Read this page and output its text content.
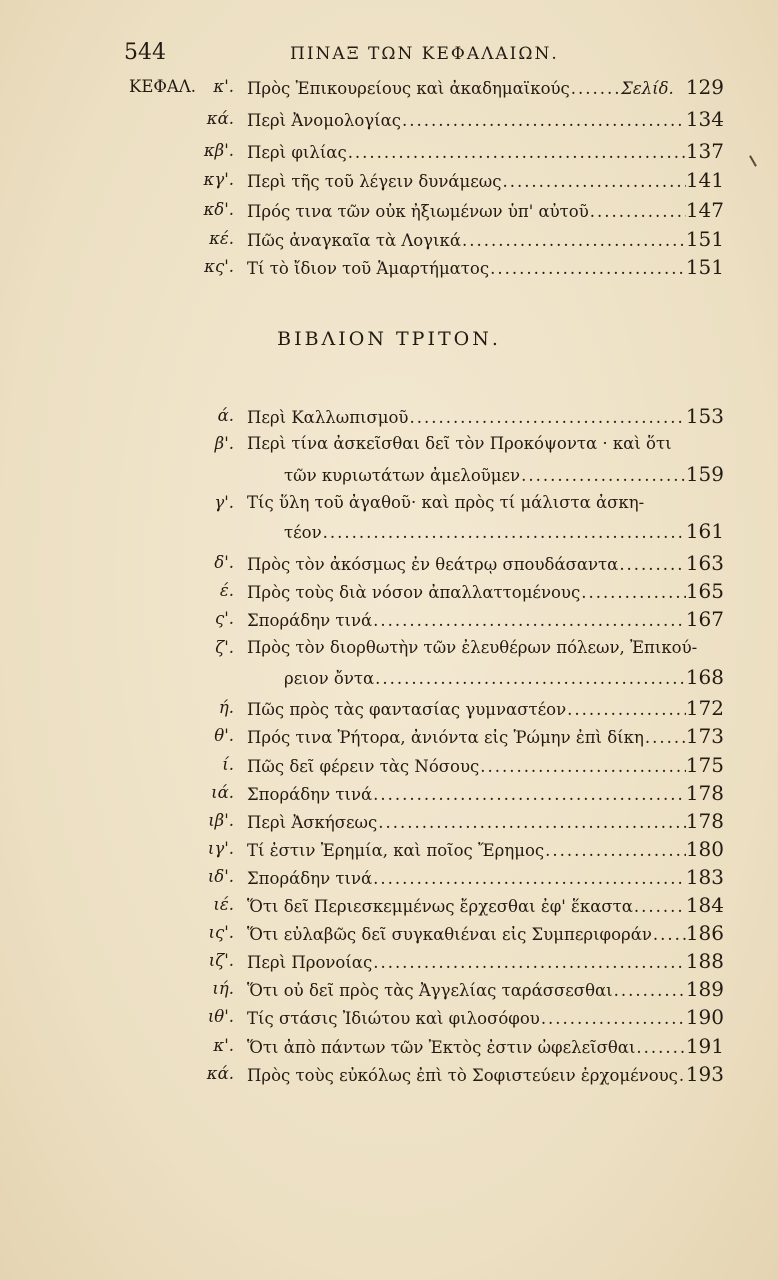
544	ΠΙΝΑΞ ΤΩΝ ΚΕΦΑΛΑΙΩΝ.
ΚΕΦΑΛ. κ'. Πρὸς Ἐπικουρείους καὶ ἀκαδημαϊκούς .....	Σελίδ. 129
κά. Περὶ Ἀνομολογίας .....	134
κβ'. Περὶ φιλίας .....	137
κγ'. Περὶ τῆς τοῦ λέγειν δυνάμεως .....	141
κδ'. Πρός τινα τῶν οὐκ ἠξιωμένων ὑπ' αὐτοῦ .....	147
κέ. Πῶς ἀναγκαῖα τὰ Λογικά .....	151
κς'. Τί τὸ ἴδιον τοῦ Ἁμαρτήματος .....	151
ΒΙΒΛΙΟΝ ΤΡΙΤΟΝ.
ά. Περὶ Καλλωπισμοῦ .....	153
β'. Περὶ τίνα ἀσκεῖσθαι δεῖ τὸν Προκόψοντα · καὶ ὅτι
τῶν κυριωτάτων ἀμελοῦμεν .....	159
γ'. Τίς ὕλη τοῦ ἀγαθοῦ· καὶ πρὸς τί μάλιστα ἀσκη-
τέον .....	161
δ'. Πρὸς τὸν ἀκόσμως ἐν θεάτρῳ σπουδάσαντα .....	163
έ. Πρὸς τοὺς διὰ νόσον ἀπαλλαττομένους .....	165
ς'. Σποράδην τινά .....	167
ζ'. Πρὸς τὸν διορθωτὴν τῶν ἐλευθέρων πόλεων, Ἐπικού-
ρειον ὄντα .....	168
ή. Πῶς πρὸς τὰς φαντασίας γυμναστέον .....	172
θ'. Πρός τινα Ῥήτορα, ἀνιόντα εἰς Ῥώμην ἐπὶ δίκη ..... 173
ί. Πῶς δεῖ φέρειν τὰς Νόσους .....	175
ιά. Σποράδην τινά .....	178
ιβ'. Περὶ Ἀσκήσεως .....	178
ιγ'. Τί ἐστιν Ἐρημία, καὶ ποῖος Ἔρημος .....	180
ιδ'. Σποράδην τινά .....	183
ιέ. Ὅτι δεῖ Περιεσκεμμένως ἔρχεσθαι ἐφ' ἕκαστα .....	184
ις'. Ὅτι εὐλαβῶς δεῖ συγκαθιέναι εἰς Συμπεριφοράν ..... 186
ιζ'. Περὶ Προνοίας .....	188
ιή. Ὅτι οὐ δεῖ πρὸς τὰς Ἀγγελίας ταράσσεσθαι .....	189
ιθ'. Τίς στάσις Ἰδιώτου καὶ φιλοσόφου .....	190
κ'. Ὅτι ἀπὸ πάντων τῶν Ἐκτὸς ἐστιν ὠφελεῖσθαι .....	191
κά. Πρὸς τοὺς εὐκόλως ἐπὶ τὸ Σοφιστεύειν ἐρχομένους ..... 193
